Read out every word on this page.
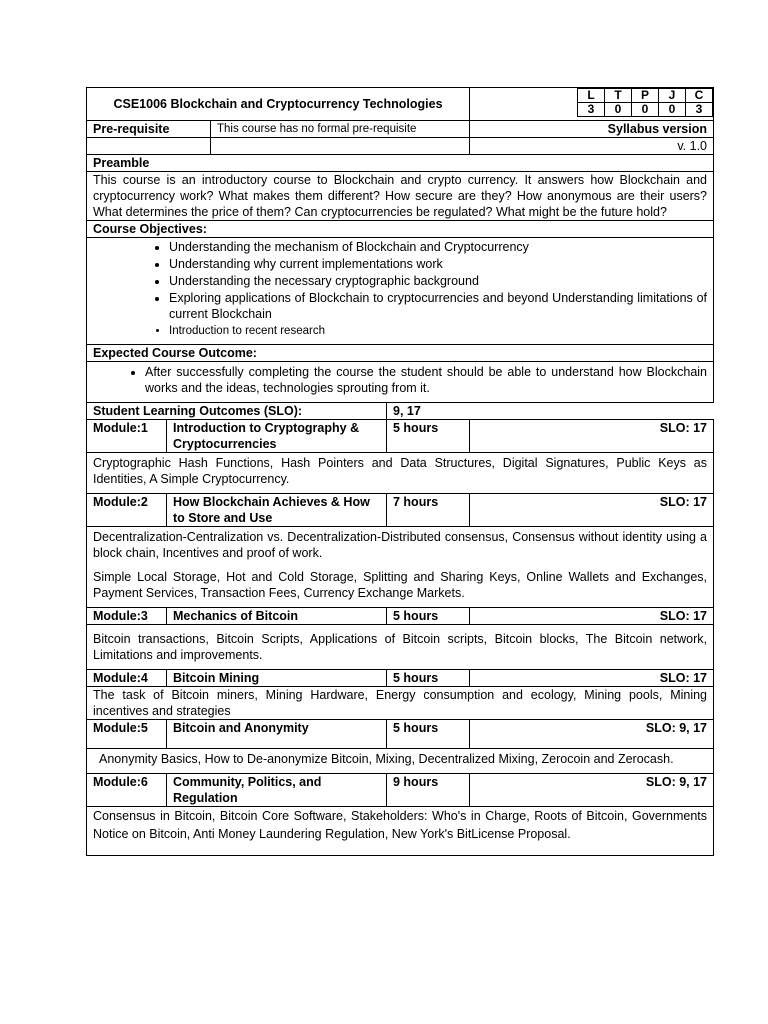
CSE1006 Blockchain and Cryptocurrency Technologies	
L	T	P	J	C
3	0	0	0	3

Pre-requisite	This course has no formal pre-requisite	Syllabus version
		v. 1.0
Preamble
This course is an introductory course to Blockchain and crypto currency. It answers how Blockchain and cryptocurrency work? What makes them different? How secure are they? How anonymous are their users? What determines the price of them? Can cryptocurrencies be regulated? What might be the future hold?
Course Objectives:

• Understanding the mechanism of Blockchain and Cryptocurrency
• Understanding why current implementations work
• Understanding the necessary cryptographic background
• Exploring applications of Blockchain to cryptocurrencies and beyond Understanding limitations of current Blockchain
• Introduction to recent research

Expected Course Outcome:

• After successfully completing the course the student should be able to understand how Blockchain works and the ideas, technologies sprouting from it.

Student Learning Outcomes (SLO):	9, 17
Module:1	Introduction to Cryptography & Cryptocurrencies	5 hours	SLO: 17

Cryptographic Hash Functions, Hash Pointers and Data Structures, Digital Signatures, Public Keys as Identities, A Simple Cryptocurrency.

Module:2	How Blockchain Achieves & How to Store and Use	7 hours	SLO: 17

Decentralization-Centralization vs. Decentralization-Distributed consensus, Consensus without identity using a block chain, Incentives and proof of work.

Simple Local Storage, Hot and Cold Storage, Splitting and Sharing Keys, Online Wallets and Exchanges, Payment Services, Transaction Fees, Currency Exchange Markets.

Module:3	Mechanics of Bitcoin	5 hours	SLO: 17

Bitcoin transactions, Bitcoin Scripts, Applications of Bitcoin scripts, Bitcoin blocks, The Bitcoin network, Limitations and improvements.

Module:4	Bitcoin Mining	5 hours	SLO: 17

The task of Bitcoin miners, Mining Hardware, Energy consumption and ecology, Mining pools, Mining incentives and strategies

Module:5	Bitcoin and Anonymity	5 hours	SLO: 9, 17

Anonymity Basics, How to De-anonymize Bitcoin, Mixing, Decentralized Mixing, Zerocoin and Zerocash.

Module:6	Community, Politics, and Regulation	9 hours	SLO: 9, 17

Consensus in Bitcoin, Bitcoin Core Software, Stakeholders: Who's in Charge, Roots of Bitcoin, Governments Notice on Bitcoin, Anti Money Laundering Regulation, New York's BitLicense Proposal.
